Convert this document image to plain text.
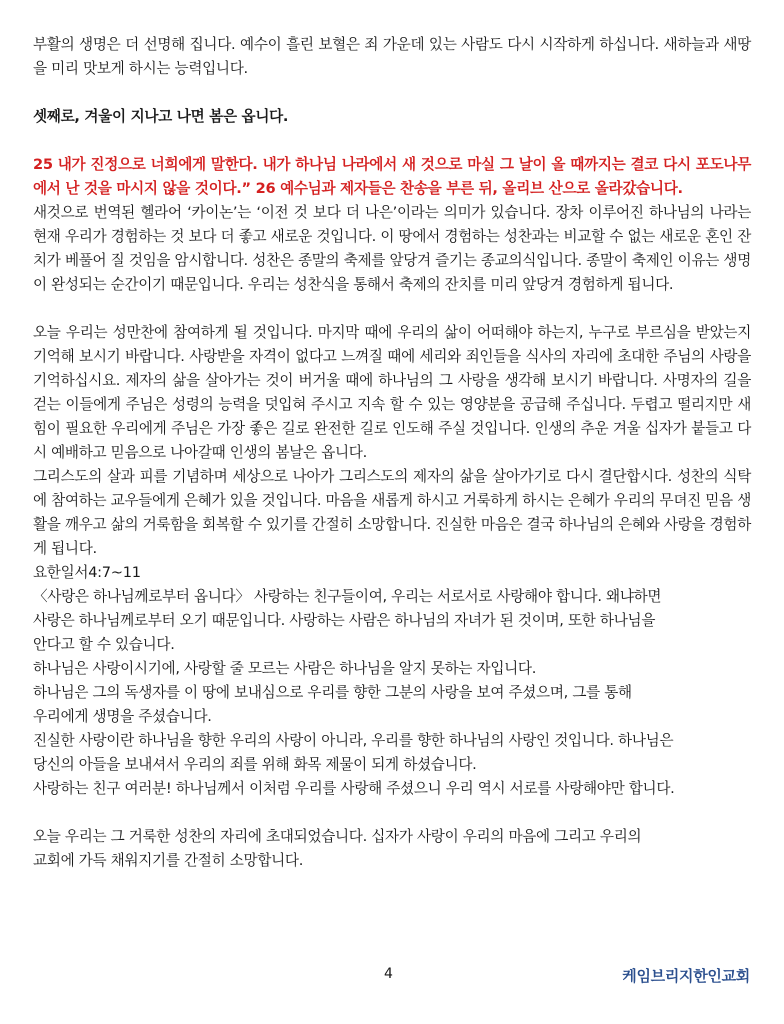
부활의 생명은 더 선명해 집니다. 예수이 흘린 보혈은 죄 가운데 있는 사람도 다시 시작하게 하십니다. 새하늘과 새땅을 미리 맛보게 하시는 능력입니다.

셋째로, 겨울이 지나고 나면 봄은 옵니다.

25 내가 진정으로 너희에게 말한다. 내가 하나님 나라에서 새 것으로 마실 그 날이 올 때까지는 결코 다시 포도나무에서 난 것을 마시지 않을 것이다.” 26 예수님과 제자들은 찬송을 부른 뒤, 올리브 산으로 올라갔습니다.

새것으로 번역된 헬라어 ‘카이논’는 ‘이전 것 보다 더 나은’이라는 의미가 있습니다. 장차 이루어진 하나님의 나라는 현재 우리가 경험하는 것 보다 더 좋고 새로운 것입니다. 이 땅에서 경험하는 성찬과는 비교할 수 없는 새로운 혼인 잔치가 베풀어 질 것임을 암시합니다. 성찬은 종말의 축제를 앞당겨 즐기는 종교의식입니다. 종말이 축제인 이유는 생명이 완성되는 순간이기 때문입니다. 우리는 성찬식을 통해서 축제의 잔치를 미리 앞당겨 경험하게 됩니다.

오늘 우리는 성만찬에 참여하게 될 것입니다. 마지막 때에 우리의 삶이 어떠해야 하는지, 누구로 부르심을 받았는지 기억해 보시기 바랍니다. 사랑받을 자격이 없다고 느껴질 때에 세리와 죄인들을 식사의 자리에 초대한 주님의 사랑을 기억하십시요. 제자의 삶을 살아가는 것이 버거울 때에 하나님의 그 사랑을 생각해 보시기 바랍니다. 사명자의 길을 걷는 이들에게 주님은 성령의 능력을 덧입혀 주시고 지속 할 수 있는 영양분을 공급해 주십니다. 두렵고 떨리지만 새힘이 필요한 우리에게 주님은 가장 좋은 길로 완전한 길로 인도해 주실 것입니다. 인생의 추운 겨울 십자가 붙들고 다시 예배하고 믿음으로 나아갈때 인생의 봄날은 옵니다.

그리스도의 살과 피를 기념하며 세상으로 나아가 그리스도의 제자의 삶을 살아가기로 다시 결단합시다. 성찬의 식탁에 참여하는 교우들에게 은혜가 있을 것입니다. 마음을 새롭게 하시고 거룩하게 하시는 은혜가 우리의 무뎌진 믿음 생활을 깨우고 삶의 거룩함을 회복할 수 있기를 간절히 소망합니다. 진실한 마음은 결국 하나님의 은혜와 사랑을 경험하게 됩니다.

요한일서4:7~11

〈사랑은 하나님께로부터 옵니다〉 사랑하는 친구들이여, 우리는 서로서로 사랑해야 합니다. 왜냐하면

사랑은 하나님께로부터 오기 때문입니다. 사랑하는 사람은 하나님의 자녀가 된 것이며, 또한 하나님을

안다고 할 수 있습니다.

하나님은 사랑이시기에, 사랑할 줄 모르는 사람은 하나님을 알지 못하는 자입니다.

하나님은 그의 독생자를 이 땅에 보내심으로 우리를 향한 그분의 사랑을 보여 주셨으며, 그를 통해

우리에게 생명을 주셨습니다.

진실한 사랑이란 하나님을 향한 우리의 사랑이 아니라, 우리를 향한 하나님의 사랑인 것입니다. 하나님은

당신의 아들을 보내셔서 우리의 죄를 위해 화목 제물이 되게 하셨습니다.

사랑하는 친구 여러분! 하나님께서 이처럼 우리를 사랑해 주셨으니 우리 역시 서로를 사랑해야만 합니다.

오늘 우리는 그 거룩한 성찬의 자리에 초대되었습니다. 십자가 사랑이 우리의 마음에 그리고 우리의

교회에 가득 채워지기를 간절히 소망합니다.

4	케임브리지한인교회
